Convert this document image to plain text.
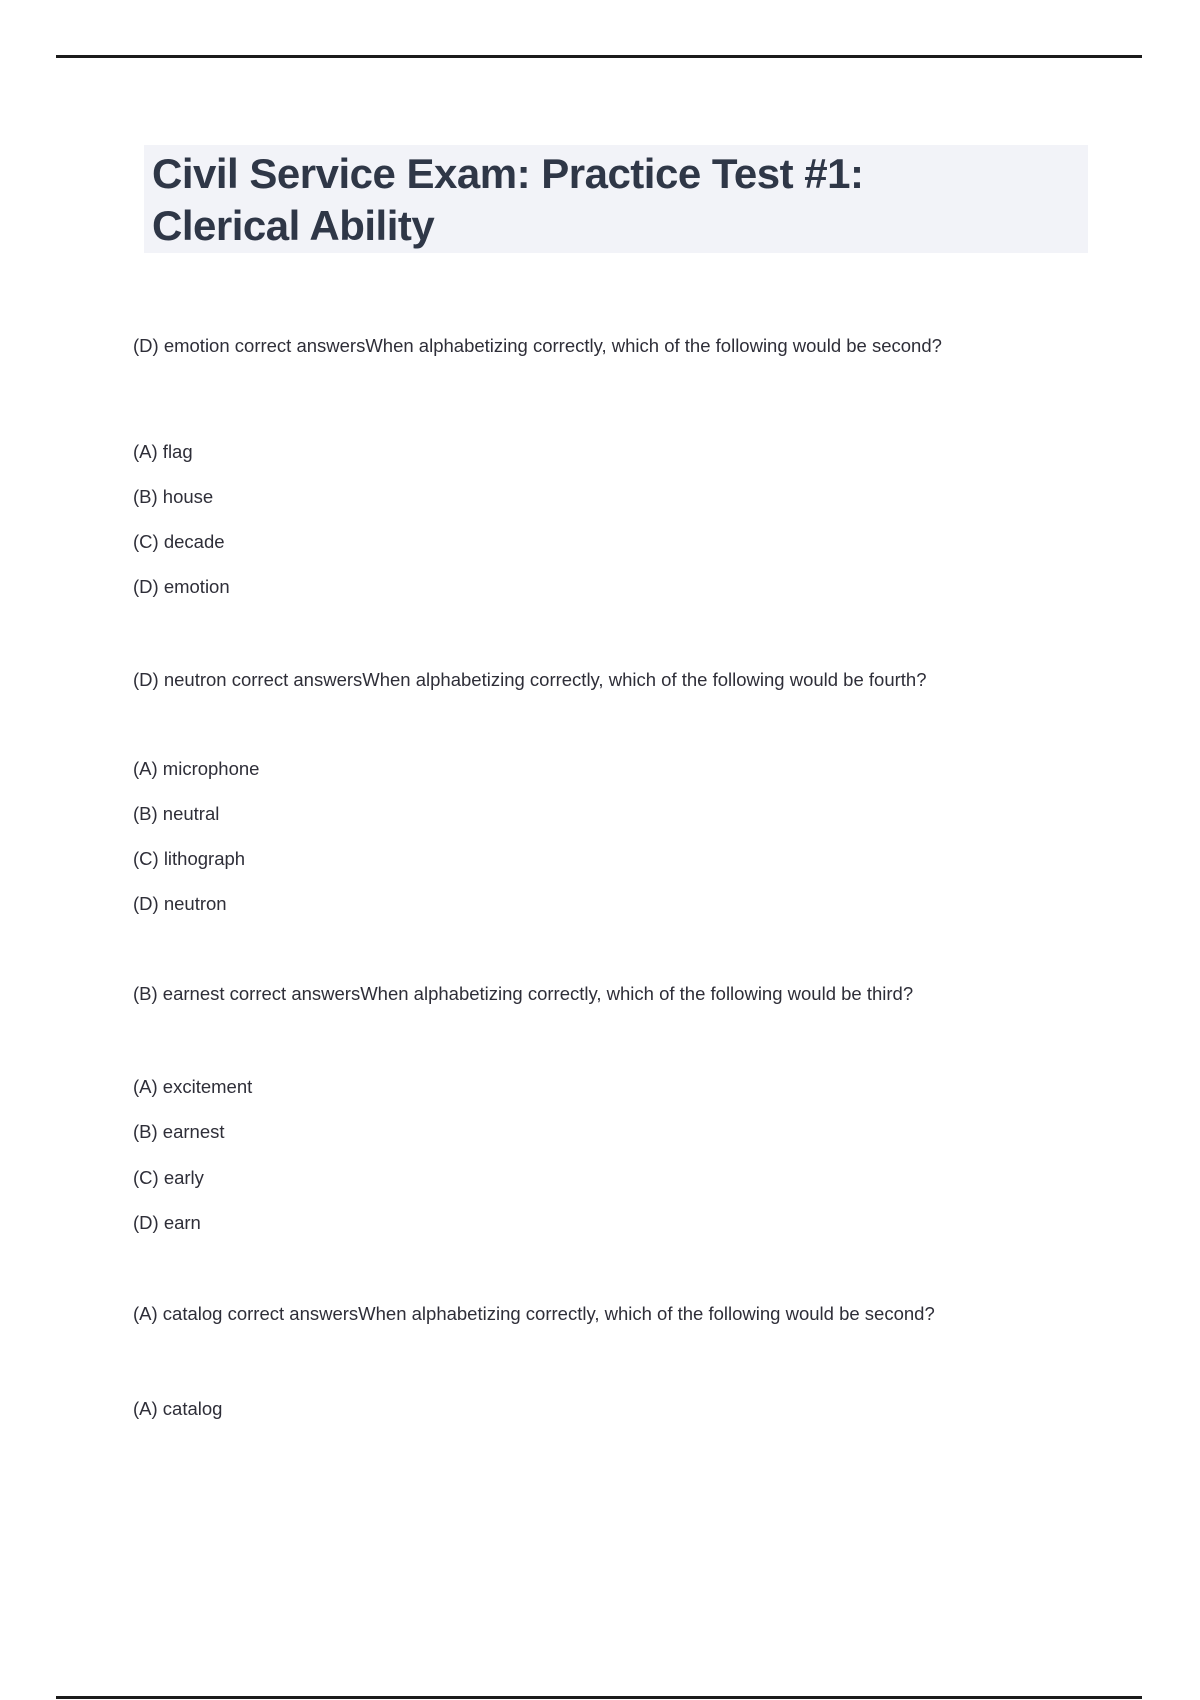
Civil Service Exam: Practice Test #1:
Clerical Ability
(D) emotion correct answersWhen alphabetizing correctly, which of the following would be second?
(A) flag
(B) house
(C) decade
(D) emotion
(D) neutron correct answersWhen alphabetizing correctly, which of the following would be fourth?
(A) microphone
(B) neutral
(C) lithograph
(D) neutron
(B) earnest correct answersWhen alphabetizing correctly, which of the following would be third?
(A) excitement
(B) earnest
(C) early
(D) earn
(A) catalog correct answersWhen alphabetizing correctly, which of the following would be second?
(A) catalog
